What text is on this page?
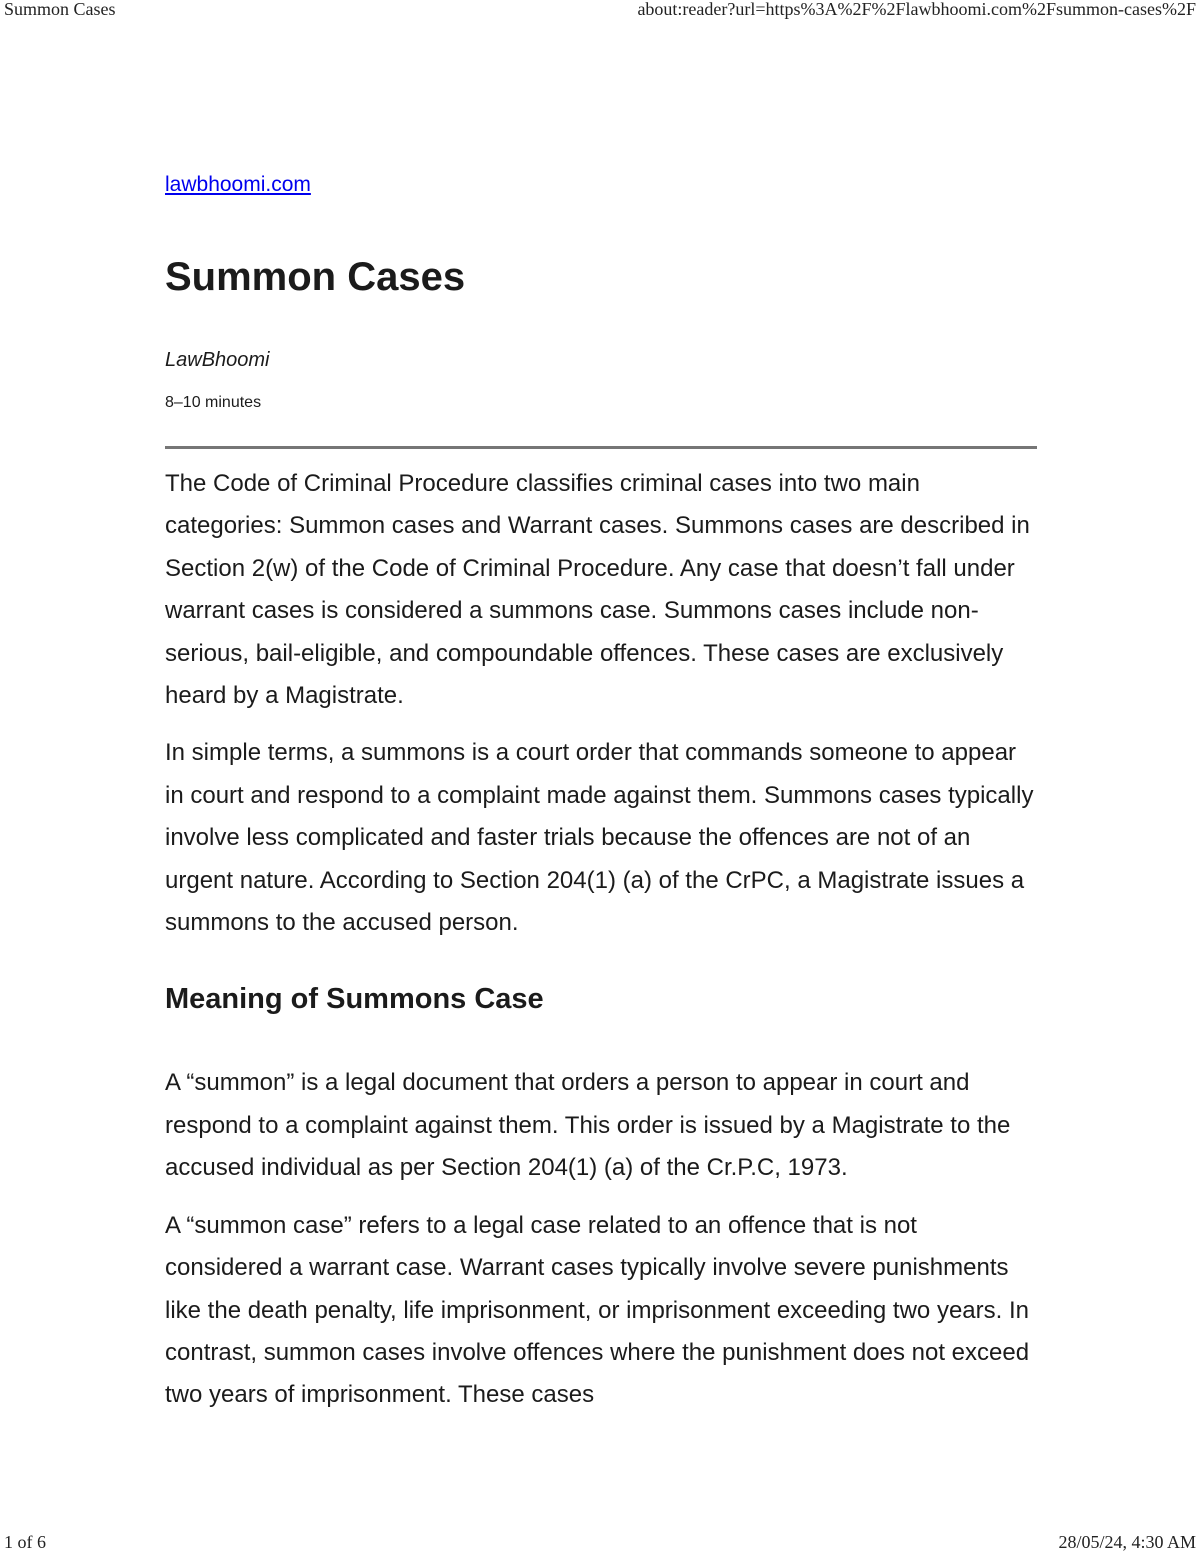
Summon Cases	about:reader?url=https%3A%2F%2Flawbhoomi.com%2Fsummon-cases%2F
lawbhoomi.com
Summon Cases
LawBhoomi
8–10 minutes

The Code of Criminal Procedure classifies criminal cases into two main categories: Summon cases and Warrant cases. Summons cases are described in Section 2(w) of the Code of Criminal Procedure. Any case that doesn’t fall under warrant cases is considered a summons case. Summons cases include non-serious, bail-eligible, and compoundable offences. These cases are exclusively heard by a Magistrate.

In simple terms, a summons is a court order that commands someone to appear in court and respond to a complaint made against them. Summons cases typically involve less complicated and faster trials because the offences are not of an urgent nature. According to Section 204(1) (a) of the CrPC, a Magistrate issues a summons to the accused person.

Meaning of Summons Case

A “summon” is a legal document that orders a person to appear in court and respond to a complaint against them. This order is issued by a Magistrate to the accused individual as per Section 204(1) (a) of the Cr.P.C, 1973.

A “summon case” refers to a legal case related to an offence that is not considered a warrant case. Warrant cases typically involve severe punishments like the death penalty, life imprisonment, or imprisonment exceeding two years. In contrast, summon cases involve offences where the punishment does not exceed two years of imprisonment. These cases

1 of 6	28/05/24, 4:30 AM
